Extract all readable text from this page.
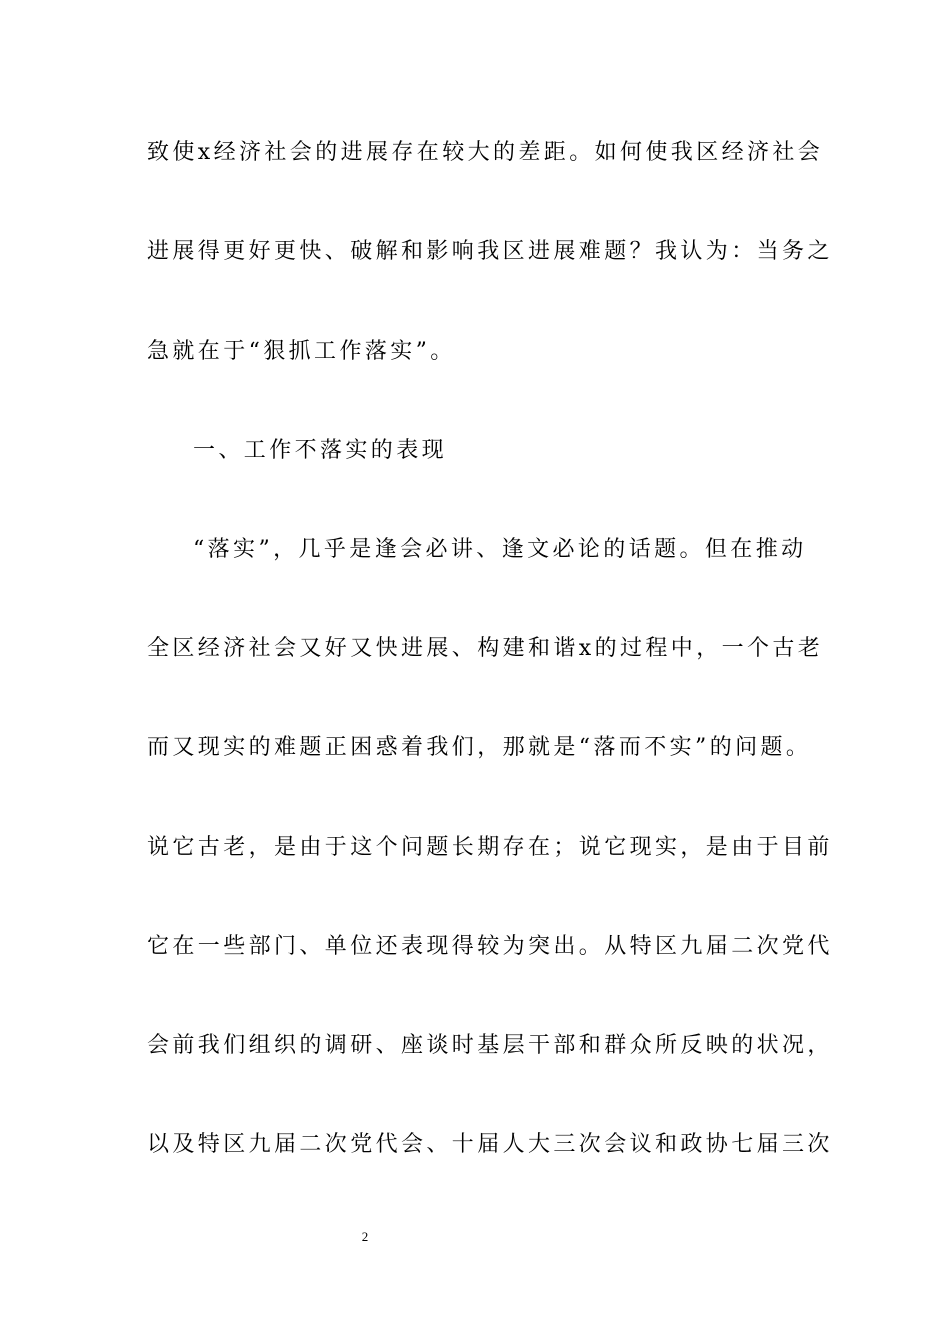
致使x经济社会的进展存在较大的差距。如何使我区经济社会
进展得更好更快、破解和影响我区进展难题？我认为：当务之
急就在于“狠抓工作落实”。
一、工作不落实的表现
“落实”，几乎是逢会必讲、逢文必论的话题。但在推动
全区经济社会又好又快进展、构建和谐x的过程中，一个古老
而又现实的难题正困惑着我们，那就是“落而不实”的问题。
说它古老，是由于这个问题长期存在；说它现实，是由于目前
它在一些部门、单位还表现得较为突出。从特区九届二次党代
会前我们组织的调研、座谈时基层干部和群众所反映的状况，
以及特区九届二次党代会、十届人大三次会议和政协七届三次
2
